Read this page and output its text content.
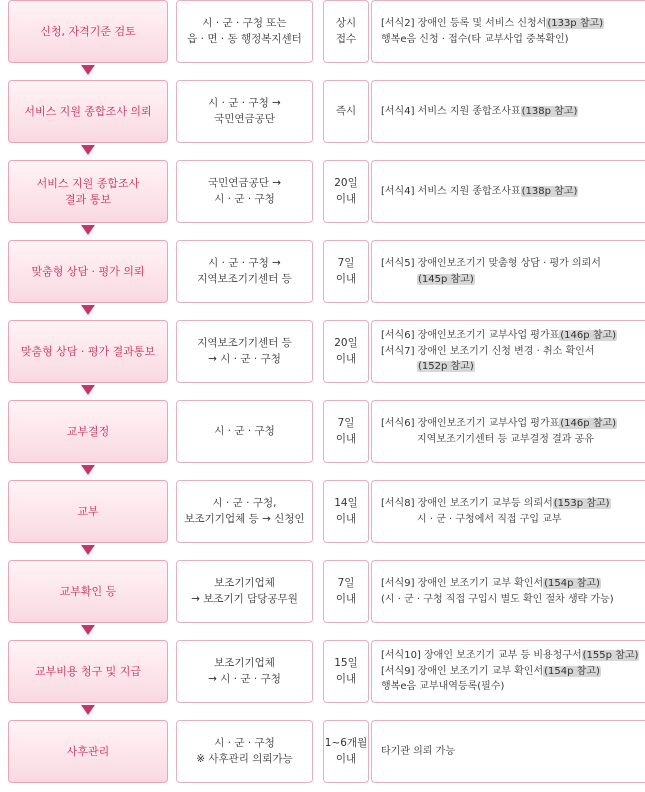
신청, 자격기준 검토
시 · 군 · 구청 또는
읍 · 면 · 동 행정복지센터
상시
접수
[서식2] 장애인 등록 및 서비스 신청서(133p 참고)
행복e음 신청 · 접수(타 교부사업 중복확인)
서비스 지원 종합조사 의뢰
시 · 군 · 구청 →
국민연금공단
즉시	[서식4] 서비스 지원 종합조사표(138p 참고)
서비스 지원 종합조사
결과 통보
국민연금공단 →
시 · 군 · 구청
20일
이내
[서식4] 서비스 지원 종합조사표(138p 참고)
맞춤형 상담 · 평가 의뢰
시 · 군 · 구청 →
지역보조기기센터 등
7일
이내
[서식5] 장애인보조기기 맞춤형 상담 · 평가 의뢰서
(145p 참고)
맞춤형 상담 · 평가 결과통보
지역보조기기센터 등
→ 시 · 군 · 구청
20일
이내
[서식6] 장애인보조기기 교부사업 평가표(146p 참고)
[서식7] 장애인 보조기기 신청 변경 · 취소 확인서
(152p 참고)
교부결정	시 · 군 · 구청
7일
이내
[서식6] 장애인보조기기 교부사업 평가표(146p 참고)
지역보조기기센터 등 교부결정 결과 공유
교부
시 · 군 · 구청,
보조기기업체 등 → 신청인
14일
이내
[서식8] 장애인 보조기기 교부등 의뢰서(153p 참고)
시 · 군 · 구청에서 직접 구입 교부
교부확인 등
보조기기업체
→ 보조기기 담당공무원
7일
이내
[서식9] 장애인 보조기기 교부 확인서(154p 참고)
(시 · 군 · 구청 직접 구입시 별도 확인 절차 생략 가능)
교부비용 청구 및 지급
보조기기업체
→ 시 · 군 · 구청
15일
이내
[서식10] 장애인 보조기기 교부 등 비용청구서(155p 참고)
[서식9] 장애인 보조기기 교부 확인서(154p 참고)
행복e음 교부내역등록(필수)
사후관리
시 · 군 · 구청
※ 사후관리 의뢰가능
1~6개월
이내
타기관 의뢰 가능
